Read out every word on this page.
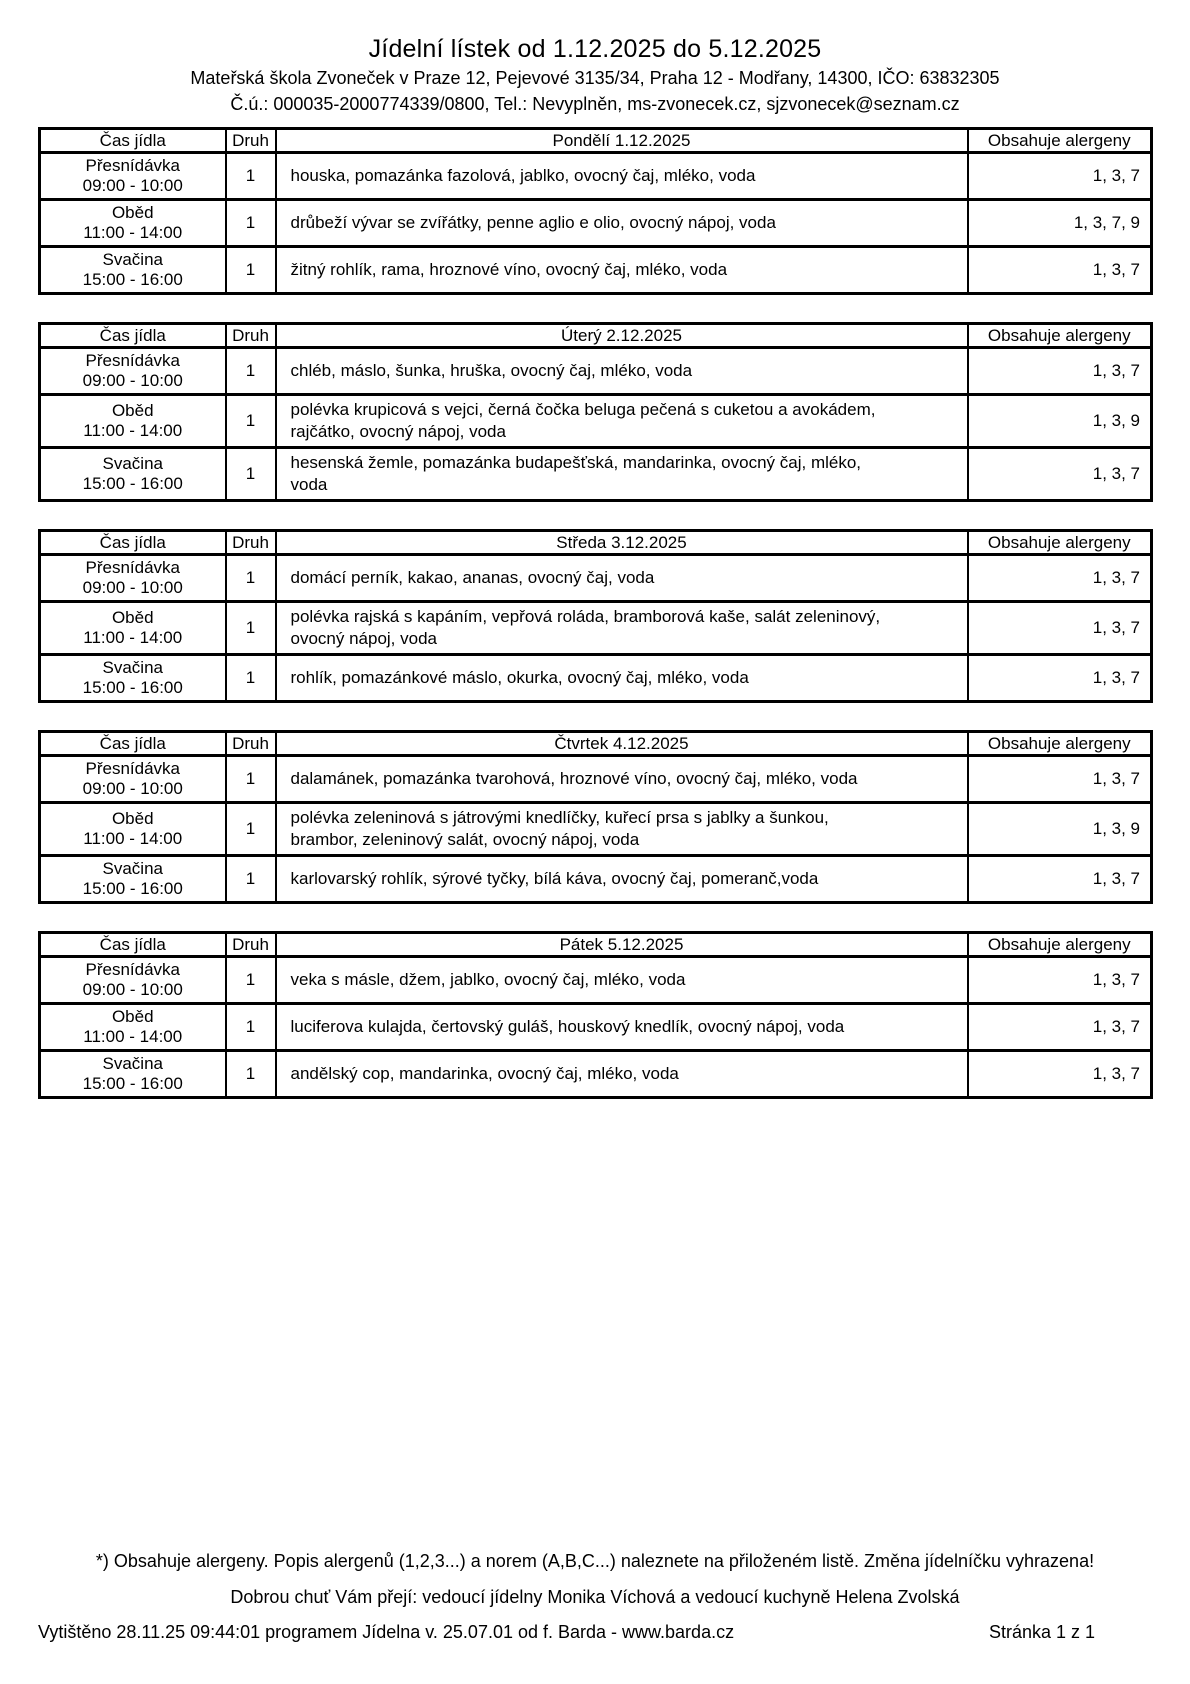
Jídelní lístek od 1.12.2025 do 5.12.2025
Mateřská škola Zvoneček v Praze 12, Pejevové 3135/34, Praha 12 - Modřany, 14300, IČO: 63832305
Č.ú.: 000035-2000774339/0800, Tel.: Nevyplněn, ms-zvonecek.cz, sjzvonecek@seznam.cz
Čas jídla	Druh	Pondělí 1.12.2025	Obsahuje alergeny

Přesnídávka
09:00 - 10:00	1	houska, pomazánka fazolová, jablko, ovocný čaj, mléko, voda	1, 3, 7

Oběd
11:00 - 14:00	1	drůbeží vývar se zvířátky, penne aglio e olio, ovocný nápoj, voda	1, 3, 7, 9

Svačina
15:00 - 16:00	1	žitný rohlík, rama, hroznové víno, ovocný čaj, mléko, voda	1, 3, 7
Čas jídla	Druh	Úterý 2.12.2025	Obsahuje alergeny

Přesnídávka
09:00 - 10:00	1	chléb, máslo, šunka, hruška, ovocný čaj, mléko, voda	1, 3, 7

Oběd
11:00 - 14:00	1	polévka krupicová s vejci, černá čočka beluga pečená s cuketou a avokádem, rajčátko, ovocný nápoj, voda	1, 3, 9

Svačina
15:00 - 16:00	1	hesenská žemle, pomazánka budapešťská, mandarinka, ovocný čaj, mléko, voda	1, 3, 7
Čas jídla	Druh	Středa 3.12.2025	Obsahuje alergeny

Přesnídávka
09:00 - 10:00	1	domácí perník, kakao, ananas, ovocný čaj, voda	1, 3, 7

Oběd
11:00 - 14:00	1	polévka rajská s kapáním, vepřová roláda, bramborová kaše, salát zeleninový, ovocný nápoj, voda	1, 3, 7

Svačina
15:00 - 16:00	1	rohlík, pomazánkové máslo, okurka, ovocný čaj, mléko, voda	1, 3, 7
Čas jídla	Druh	Čtvrtek 4.12.2025	Obsahuje alergeny

Přesnídávka
09:00 - 10:00	1	dalamánek, pomazánka tvarohová, hroznové víno, ovocný čaj, mléko, voda	1, 3, 7

Oběd
11:00 - 14:00	1	polévka zeleninová s játrovými knedlíčky, kuřecí prsa s jablky a šunkou, brambor, zeleninový salát, ovocný nápoj, voda	1, 3, 9

Svačina
15:00 - 16:00	1	karlovarský rohlík, sýrové tyčky, bílá káva, ovocný čaj, pomeranč,voda	1, 3, 7
Čas jídla	Druh	Pátek 5.12.2025	Obsahuje alergeny

Přesnídávka
09:00 - 10:00	1	veka s másle, džem, jablko, ovocný čaj, mléko, voda	1, 3, 7

Oběd
11:00 - 14:00	1	luciferova kulajda, čertovský guláš, houskový knedlík, ovocný nápoj, voda	1, 3, 7

Svačina
15:00 - 16:00	1	andělský cop, mandarinka, ovocný čaj, mléko, voda	1, 3, 7
*) Obsahuje alergeny. Popis alergenů (1,2,3...) a norem (A,B,C...) naleznete na přiloženém listě. Změna jídelníčku vyhrazena!
Dobrou chuť Vám přejí: vedoucí jídelny Monika Víchová a vedoucí kuchyně Helena Zvolská
Vytištěno 28.11.25 09:44:01 programem Jídelna v. 25.07.01 od f. Barda - www.barda.cz	Stránka 1 z 1
